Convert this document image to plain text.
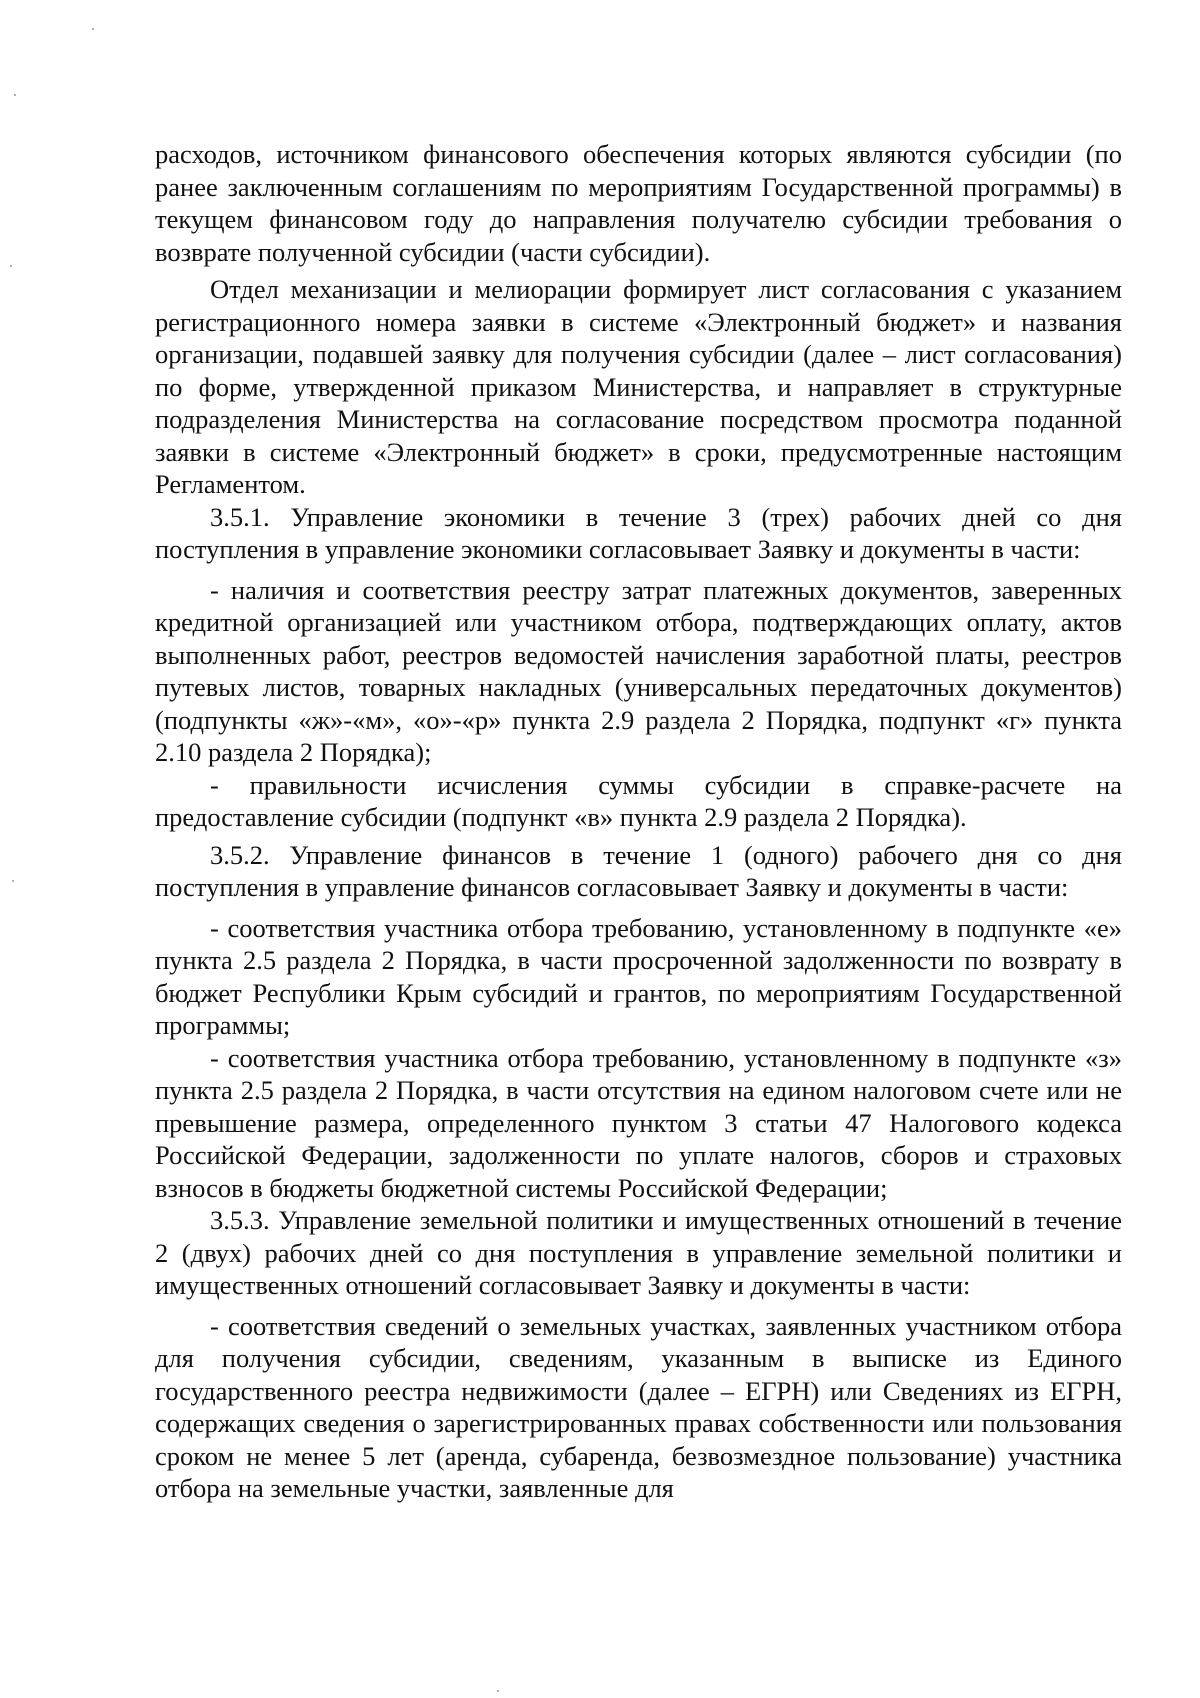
расходов, источником финансового обеспечения которых являются субсидии (по ранее заключенным соглашениям по мероприятиям Государственной программы) в текущем финансовом году до направления получателю субсидии требования о возврате полученной субсидии (части субсидии).

Отдел механизации и мелиорации формирует лист согласования с указанием регистрационного номера заявки в системе «Электронный бюджет» и названия организации, подавшей заявку для получения субсидии (далее – лист согласования) по форме, утвержденной приказом Министерства, и направляет в структурные подразделения Министерства на согласование посредством просмотра поданной заявки в системе «Электронный бюджет» в сроки, предусмотренные настоящим Регламентом.

3.5.1. Управление экономики в течение 3 (трех) рабочих дней со дня поступления в управление экономики согласовывает Заявку и документы в части:

- наличия и соответствия реестру затрат платежных документов, заверенных кредитной организацией или участником отбора, подтверждающих оплату, актов выполненных работ, реестров ведомостей начисления заработной платы, реестров путевых листов, товарных накладных (универсальных передаточных документов) (подпункты «ж»-«м», «о»-«р» пункта 2.9 раздела 2 Порядка, подпункт «г» пункта 2.10 раздела 2 Порядка);

- правильности исчисления суммы субсидии в справке-расчете на предоставление субсидии (подпункт «в» пункта 2.9 раздела 2 Порядка).

3.5.2. Управление финансов в течение 1 (одного) рабочего дня со дня поступления в управление финансов согласовывает Заявку и документы в части:

- соответствия участника отбора требованию, установленному в подпункте «е» пункта 2.5 раздела 2 Порядка, в части просроченной задолженности по возврату в бюджет Республики Крым субсидий и грантов, по мероприятиям Государственной программы;

- соответствия участника отбора требованию, установленному в подпункте «з» пункта 2.5 раздела 2 Порядка, в части отсутствия на едином налоговом счете или не превышение размера, определенного пунктом 3 статьи 47 Налогового кодекса Российской Федерации, задолженности по уплате налогов, сборов и страховых взносов в бюджеты бюджетной системы Российской Федерации;

3.5.3. Управление земельной политики и имущественных отношений в течение 2 (двух) рабочих дней со дня поступления в управление земельной политики и имущественных отношений согласовывает Заявку и документы в части:

- соответствия сведений о земельных участках, заявленных участником отбора для получения субсидии, сведениям, указанным в выписке из Единого государственного реестра недвижимости (далее – ЕГРН) или Сведениях из ЕГРН, содержащих сведения о зарегистрированных правах собственности или пользования сроком не менее 5 лет (аренда, субаренда, безвозмездное пользование) участника отбора на земельные участки, заявленные для
